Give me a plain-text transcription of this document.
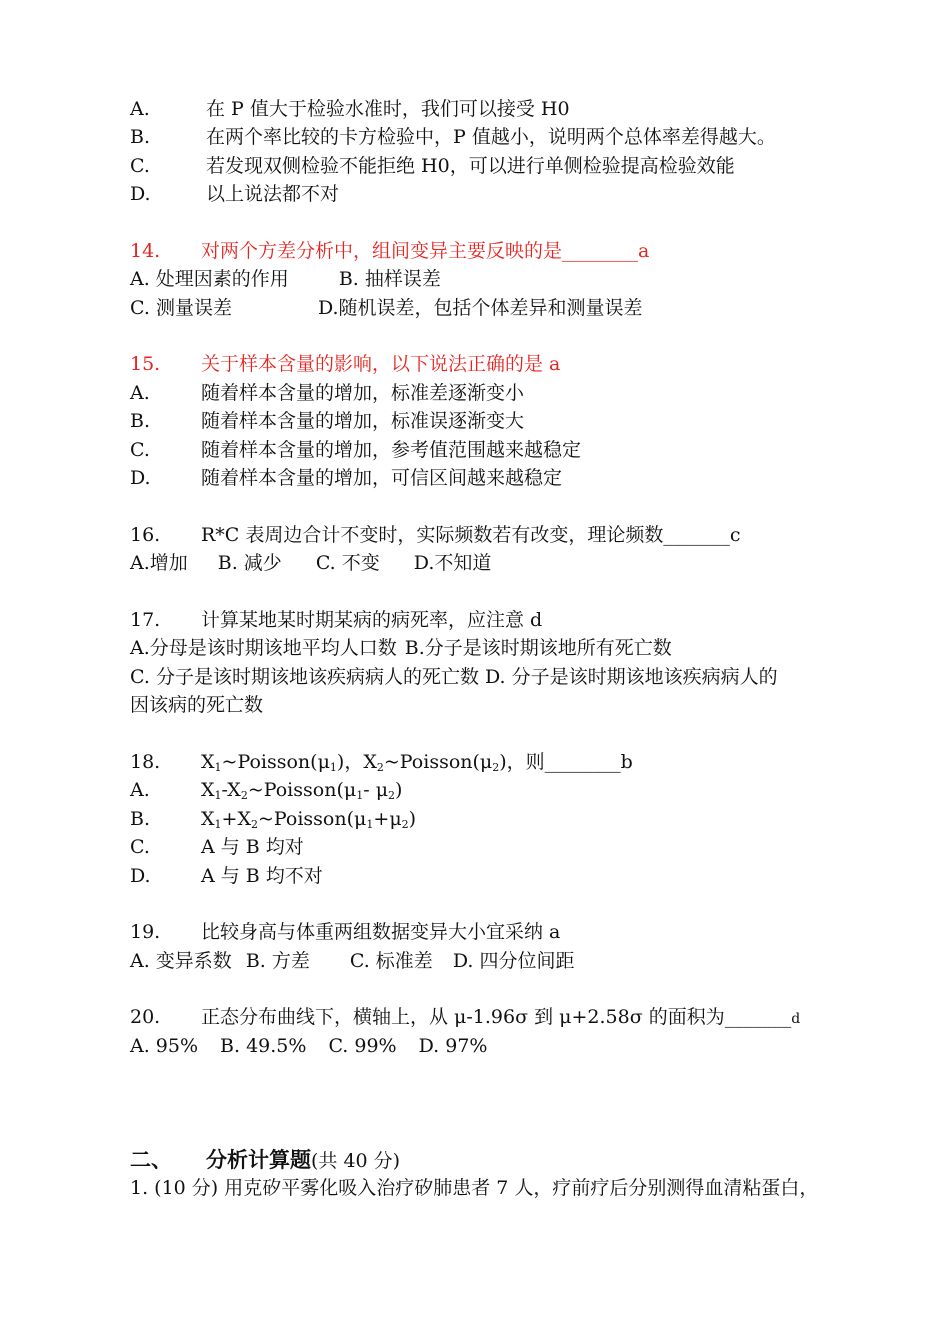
A.	在 P 值大于检验水准时，我们可以接受 H0
B.	在两个率比较的卡方检验中，P 值越小，说明两个总体率差得越大。
C.	若发现双侧检验不能拒绝 H0，可以进行单侧检验提高检验效能
D.	以上说法都不对
14. 对两个方差分析中，组间变异主要反映的是________a
A. 处理因素的作用	B. 抽样误差
C. 测量误差	D.随机误差，包括个体差异和测量误差
15. 关于样本含量的影响，以下说法正确的是 a
A.	随着样本含量的增加，标准差逐渐变小
B.	随着样本含量的增加，标准误逐渐变大
C.	随着样本含量的增加，参考值范围越来越稳定
D.	随着样本含量的增加，可信区间越来越稳定
16. R*C 表周边合计不变时，实际频数若有改变，理论频数_______c
A.增加 B. 减少 C. 不变 D.不知道
17. 计算某地某时期某病的病死率，应注意 d
A.分母是该时期该地平均人口数 B.分子是该时期该地所有死亡数
C. 分子是该时期该地该疾病病人的死亡数 D. 分子是该时期该地该疾病病人的
因该病的死亡数
18. $X_1\sim Poisson(\mu_1)$，$X_2\sim Poisson(\mu_2)$，则________b
A.	$X_1-X_2\sim Poisson(\mu_1-$ $\mu_2$)
B.	$X_1+X_2\sim Poisson(\mu_1+\mu_2)$
C.	A 与 B 均对
D.	A 与 B 均不对
19. 比较身高与体重两组数据变异大小宜采纳 a
A. 变异系数 B. 方差 C. 标准差 D. 四分位间距
20. 正态分布曲线下，横轴上，从 μ-1.96σ 到 μ+2.58σ 的面积为_______d
A. 95% B. 49.5% C. 99% D. 97%
二、 分析计算题(共 40 分)
1. (10 分) 用克矽平雾化吸入治疗矽肺患者 7 人，疗前疗后分别测得血清粘蛋白，
